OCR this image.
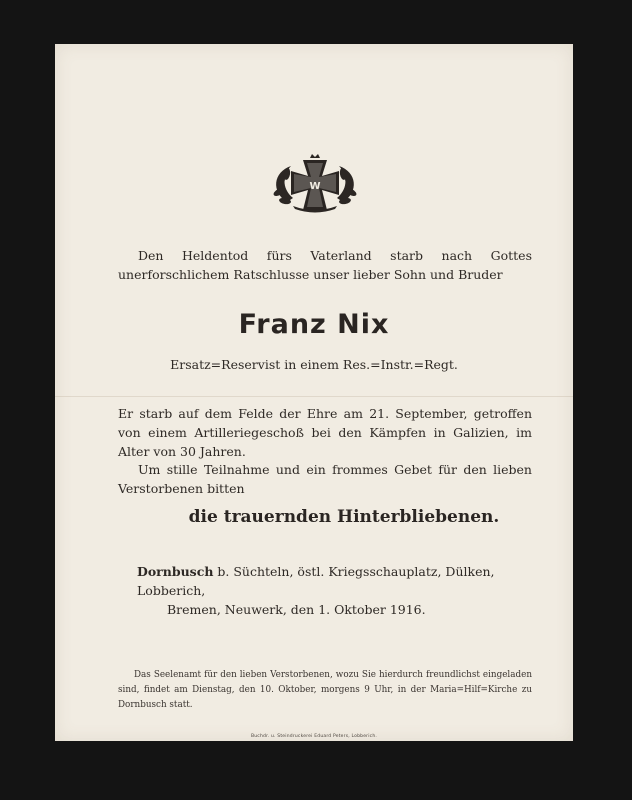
W

Den Heldentod fürs Vaterland starb nach Gottes unerforschlichem Ratschlusse unser lieber Sohn und Bruder

Franz Nix
Ersatz=Reservist in einem Res.=Instr.=Regt.

Er starb auf dem Felde der Ehre am 21. September, getroffen von einem Artilleriegeschoß bei den Kämpfen in Galizien, im Alter von 30 Jahren.

Um stille Teilnahme und ein frommes Gebet für den lieben Verstorbenen bitten

die trauernden Hinterbliebenen.

Dornbusch b. Süchteln, östl. Kriegsschauplatz, Dülken, Lobberich,
Bremen, Neuwerk, den 1. Oktober 1916.

Das Seelenamt für den lieben Verstorbenen, wozu Sie hierdurch freundlichst eingeladen sind, findet am Dienstag, den 10. Oktober, morgens 9 Uhr, in der Maria=Hilf=Kirche zu Dornbusch statt.

Buchdr. u. Steindruckerei Eduard Peters, Lobberich.
